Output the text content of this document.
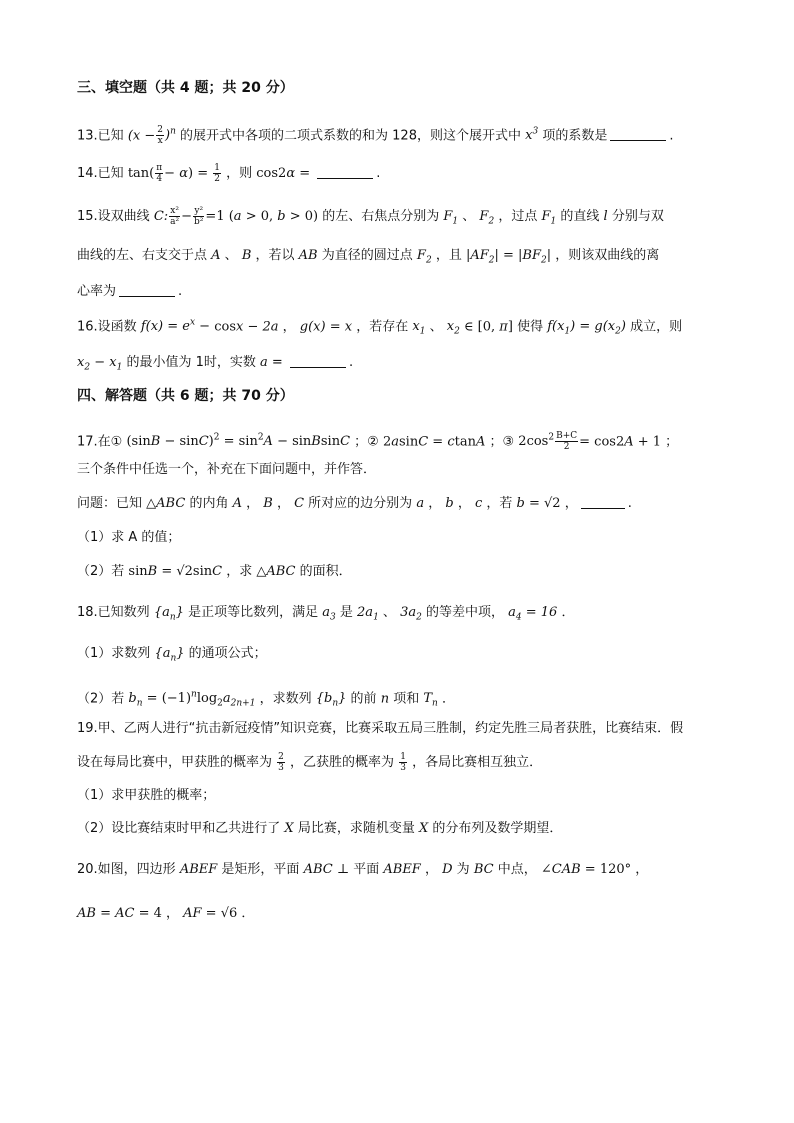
三、填空题（共 4 题；共 20 分）
13.已知 $(x - \frac{2}{x} )^n$ 的展开式中各项的二项式系数的和为 128，则这个展开式中 $x^3$ 项的系数是	.
14.已知 $\tan( \frac{\pi}{4} - \alpha) = \frac{1}{2}$ ，则 cos2α =	.
15.设双曲线 C: $\frac{\text{x²}}{\text{a²}} - \frac{\text{y²}}{\text{b²}} =1$ (a > 0, b > 0) 的左、右焦点分别为 $F_1$ 、 $F_2$ ，过点 $F_1$ 的直线 l 分别与双
曲线的左、右支交于点 A 、 B ，若以 AB 为直径的圆过点 $F_2$ ，且 $|AF_2| = |BF_2|$ ，则该双曲线的离
心率为	.
16.设函数 $f(x) = e^x - \cos x - 2a$ ， g(x) = x ，若存在 $x_1$ 、 $x_2$ ∈ [0, π] 使得 $f(x_1) = g(x_2)$ 成立，则
$x_2 - x_1$ 的最小值为 1时，实数 a =	.
四、解答题（共 6 题；共 70 分）
17.在① $(\sin B - \sin C)^2 = \sin^2A$ − sinBsinC ；② 2asinC = ctanA ；③ $2\cos^2 \frac{B+C}{2} = \cos 2A + 1$ ；
三个条件中任选一个，补充在下面问题中，并作答．
问题：已知 △ABC 的内角 A ， B ， C 所对应的边分别为 a ， b ， c ，若 b = √2 ，	.
（1）求 A 的值；
（2）若 sinB = √2sinC ，求 △ABC 的面积．
18.已知数列 $\{a_n\}$ 是正项等比数列，满足 $a_3$ 是 $2a_1$ 、 $3a_2$ 的等差中项， $a_4 = 16$ ．
（1）求数列 $\{a_n\}$ 的通项公式；
（2）若 $b_n = (-1)^n\log_2a_{2n+1}$ ，求数列 $\{b_n\}$ 的前 n 项和 $T_n$ ．
19.甲、乙两人进行“抗击新冠疫情”知识竞赛，比赛采取五局三胜制，约定先胜三局者获胜，比赛结束．假
设在每局比赛中，甲获胜的概率为 $\frac{2}{3}$ ，乙获胜的概率为 $\frac{1}{3}$ ，各局比赛相互独立．
（1）求甲获胜的概率；
（2）设比赛结束时甲和乙共进行了 X 局比赛，求随机变量 X 的分布列及数学期望．
20.如图，四边形 ABEF 是矩形，平面 ABC ⊥ 平面 ABEF ， D 为 BC 中点， ∠CAB = 120° ，
AB = AC = 4 ， AF = √6 ．
